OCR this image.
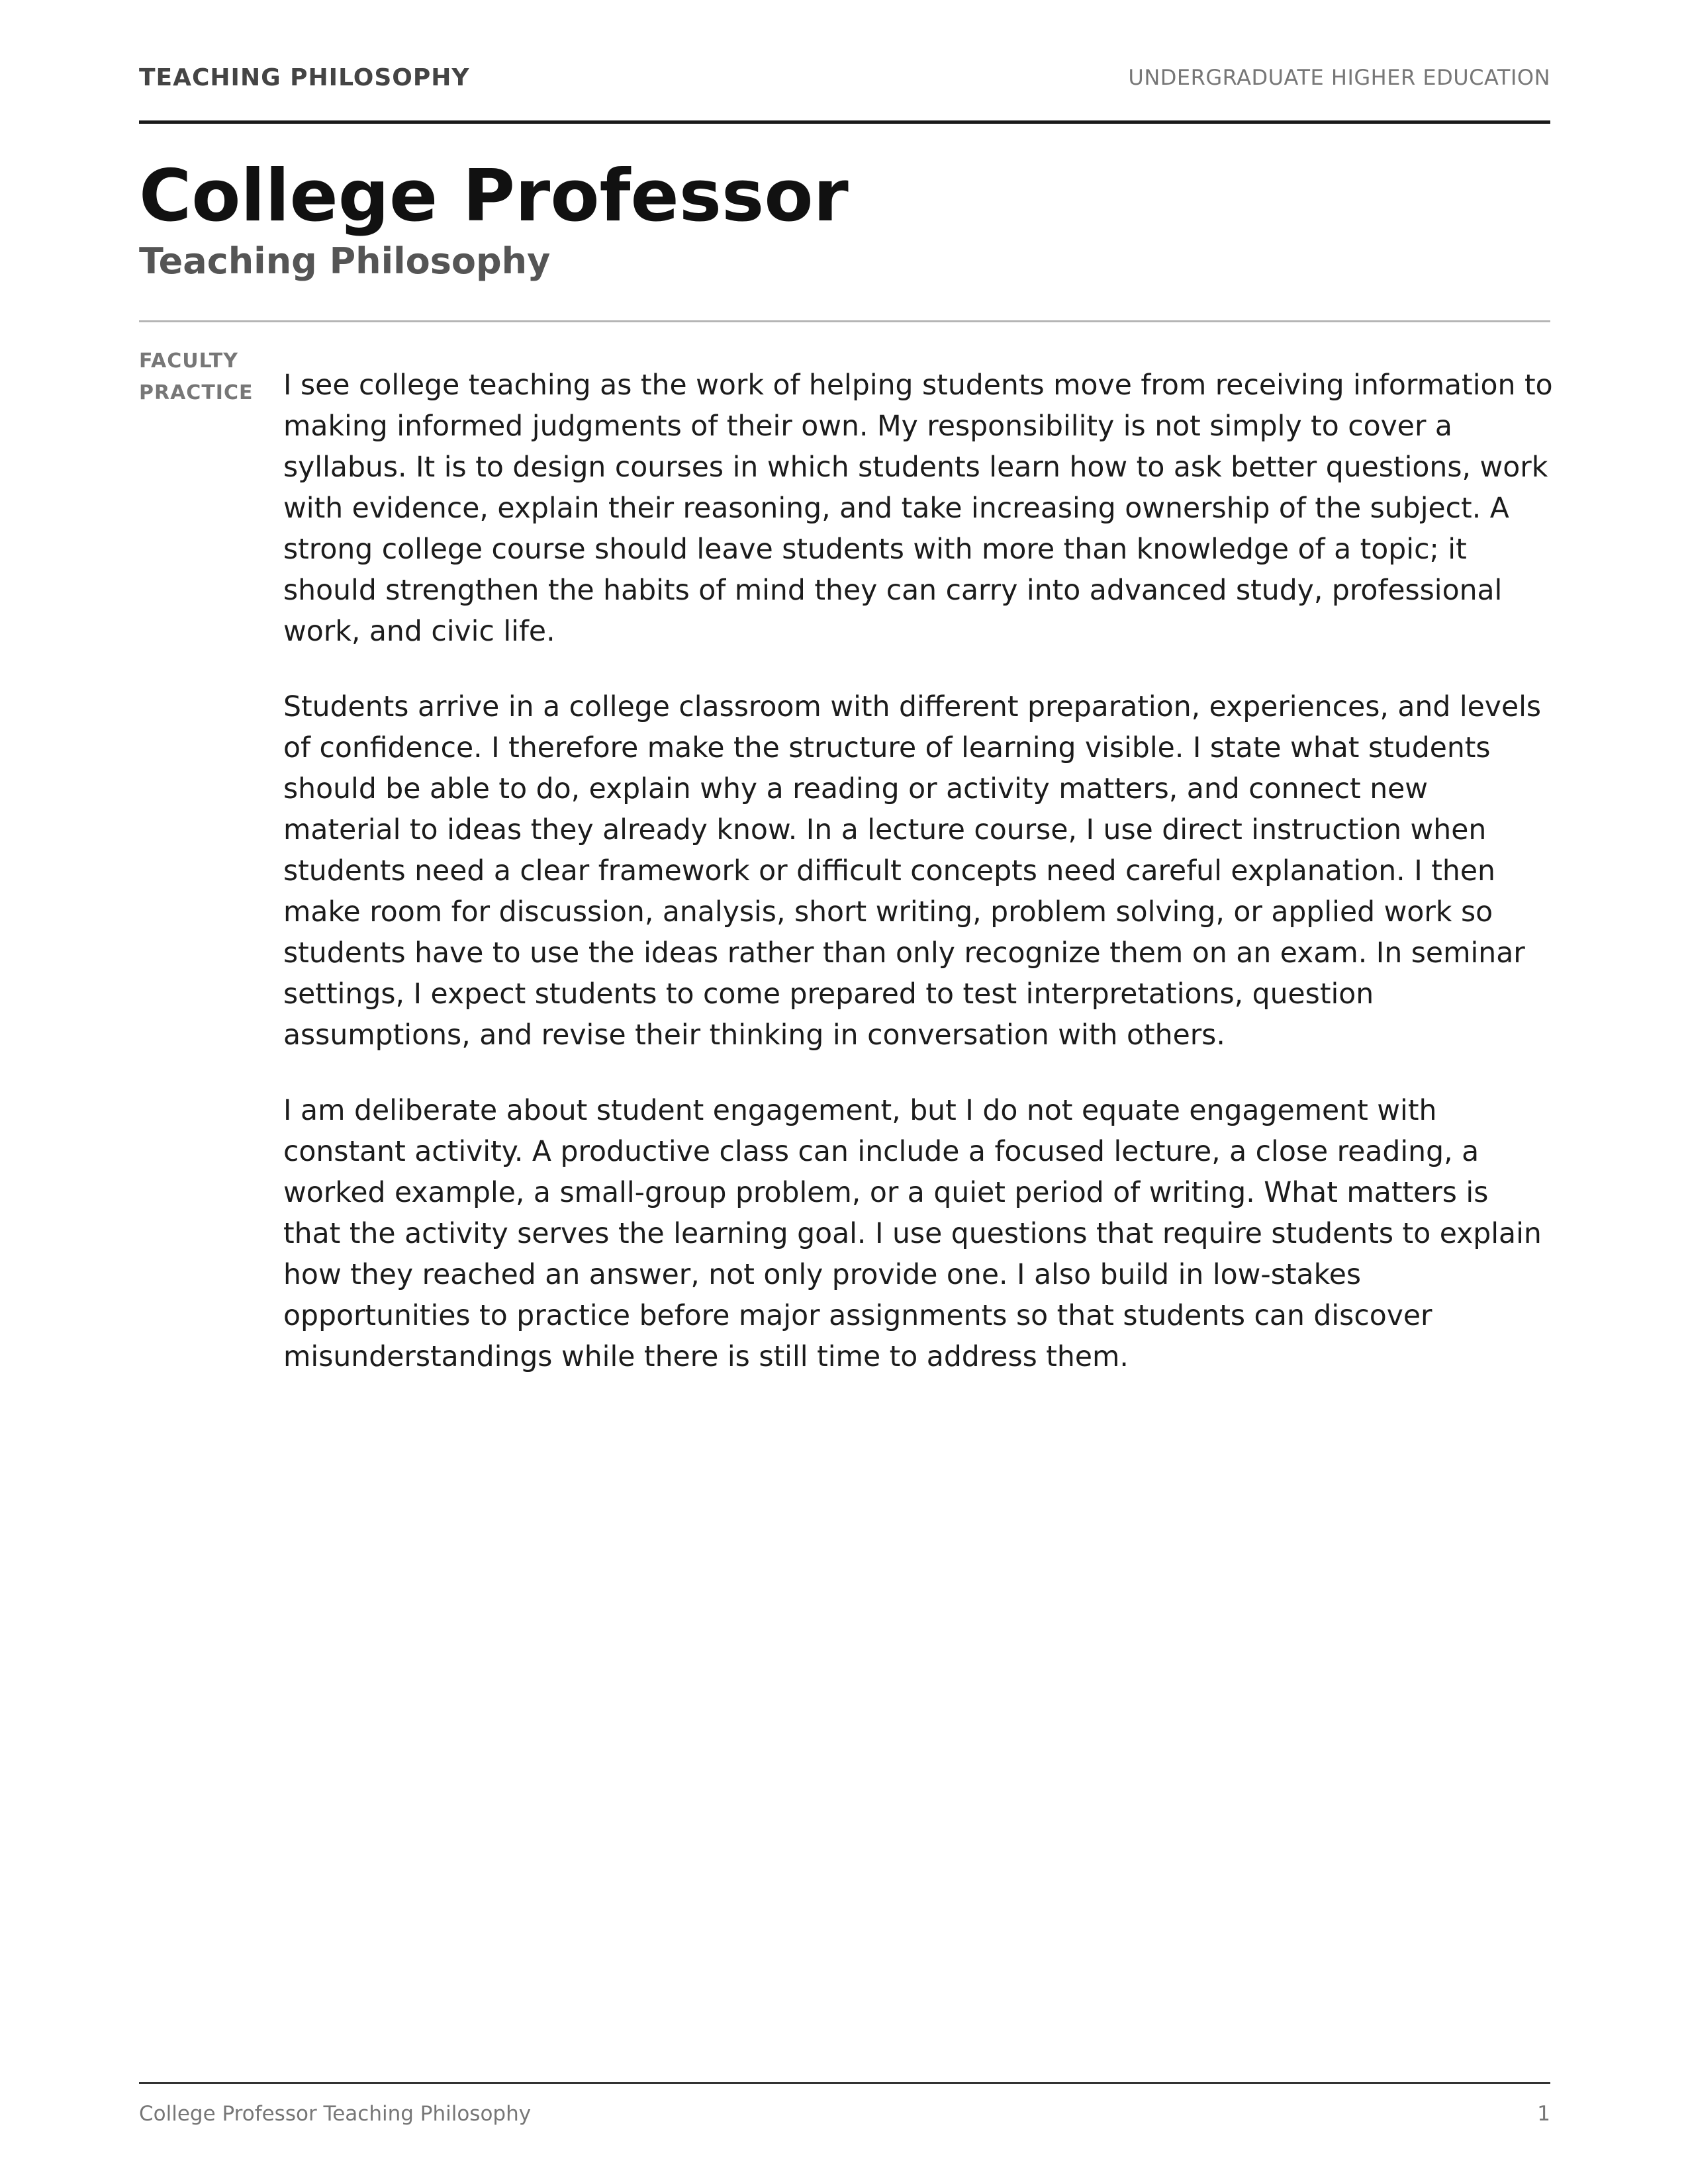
TEACHING PHILOSOPHY	UNDERGRADUATE HIGHER EDUCATION
College Professor
Teaching Philosophy
FACULTY
PRACTICE	I see college teaching as the work of helping students move from receiving information to making informed judgments of their own. My responsibility is not simply to cover a syllabus. It is to design courses in which students learn how to ask better questions, work with evidence, explain their reasoning, and take increasing ownership of the subject. A strong college course should leave students with more than knowledge of a topic; it should strengthen the habits of mind they can carry into advanced study, professional work, and civic life.

Students arrive in a college classroom with different preparation, experiences, and levels of confidence. I therefore make the structure of learning visible. I state what students should be able to do, explain why a reading or activity matters, and connect new material to ideas they already know. In a lecture course, I use direct instruction when students need a clear framework or difficult concepts need careful explanation. I then make room for discussion, analysis, short writing, problem solving, or applied work so students have to use the ideas rather than only recognize them on an exam. In seminar settings, I expect students to come prepared to test interpretations, question assumptions, and revise their thinking in conversation with others.

I am deliberate about student engagement, but I do not equate engagement with constant activity. A productive class can include a focused lecture, a close reading, a worked example, a small-group problem, or a quiet period of writing. What matters is that the activity serves the learning goal. I use questions that require students to explain how they reached an answer, not only provide one. I also build in low-stakes opportunities to practice before major assignments so that students can discover misunderstandings while there is still time to address them.

College Professor Teaching Philosophy	1
